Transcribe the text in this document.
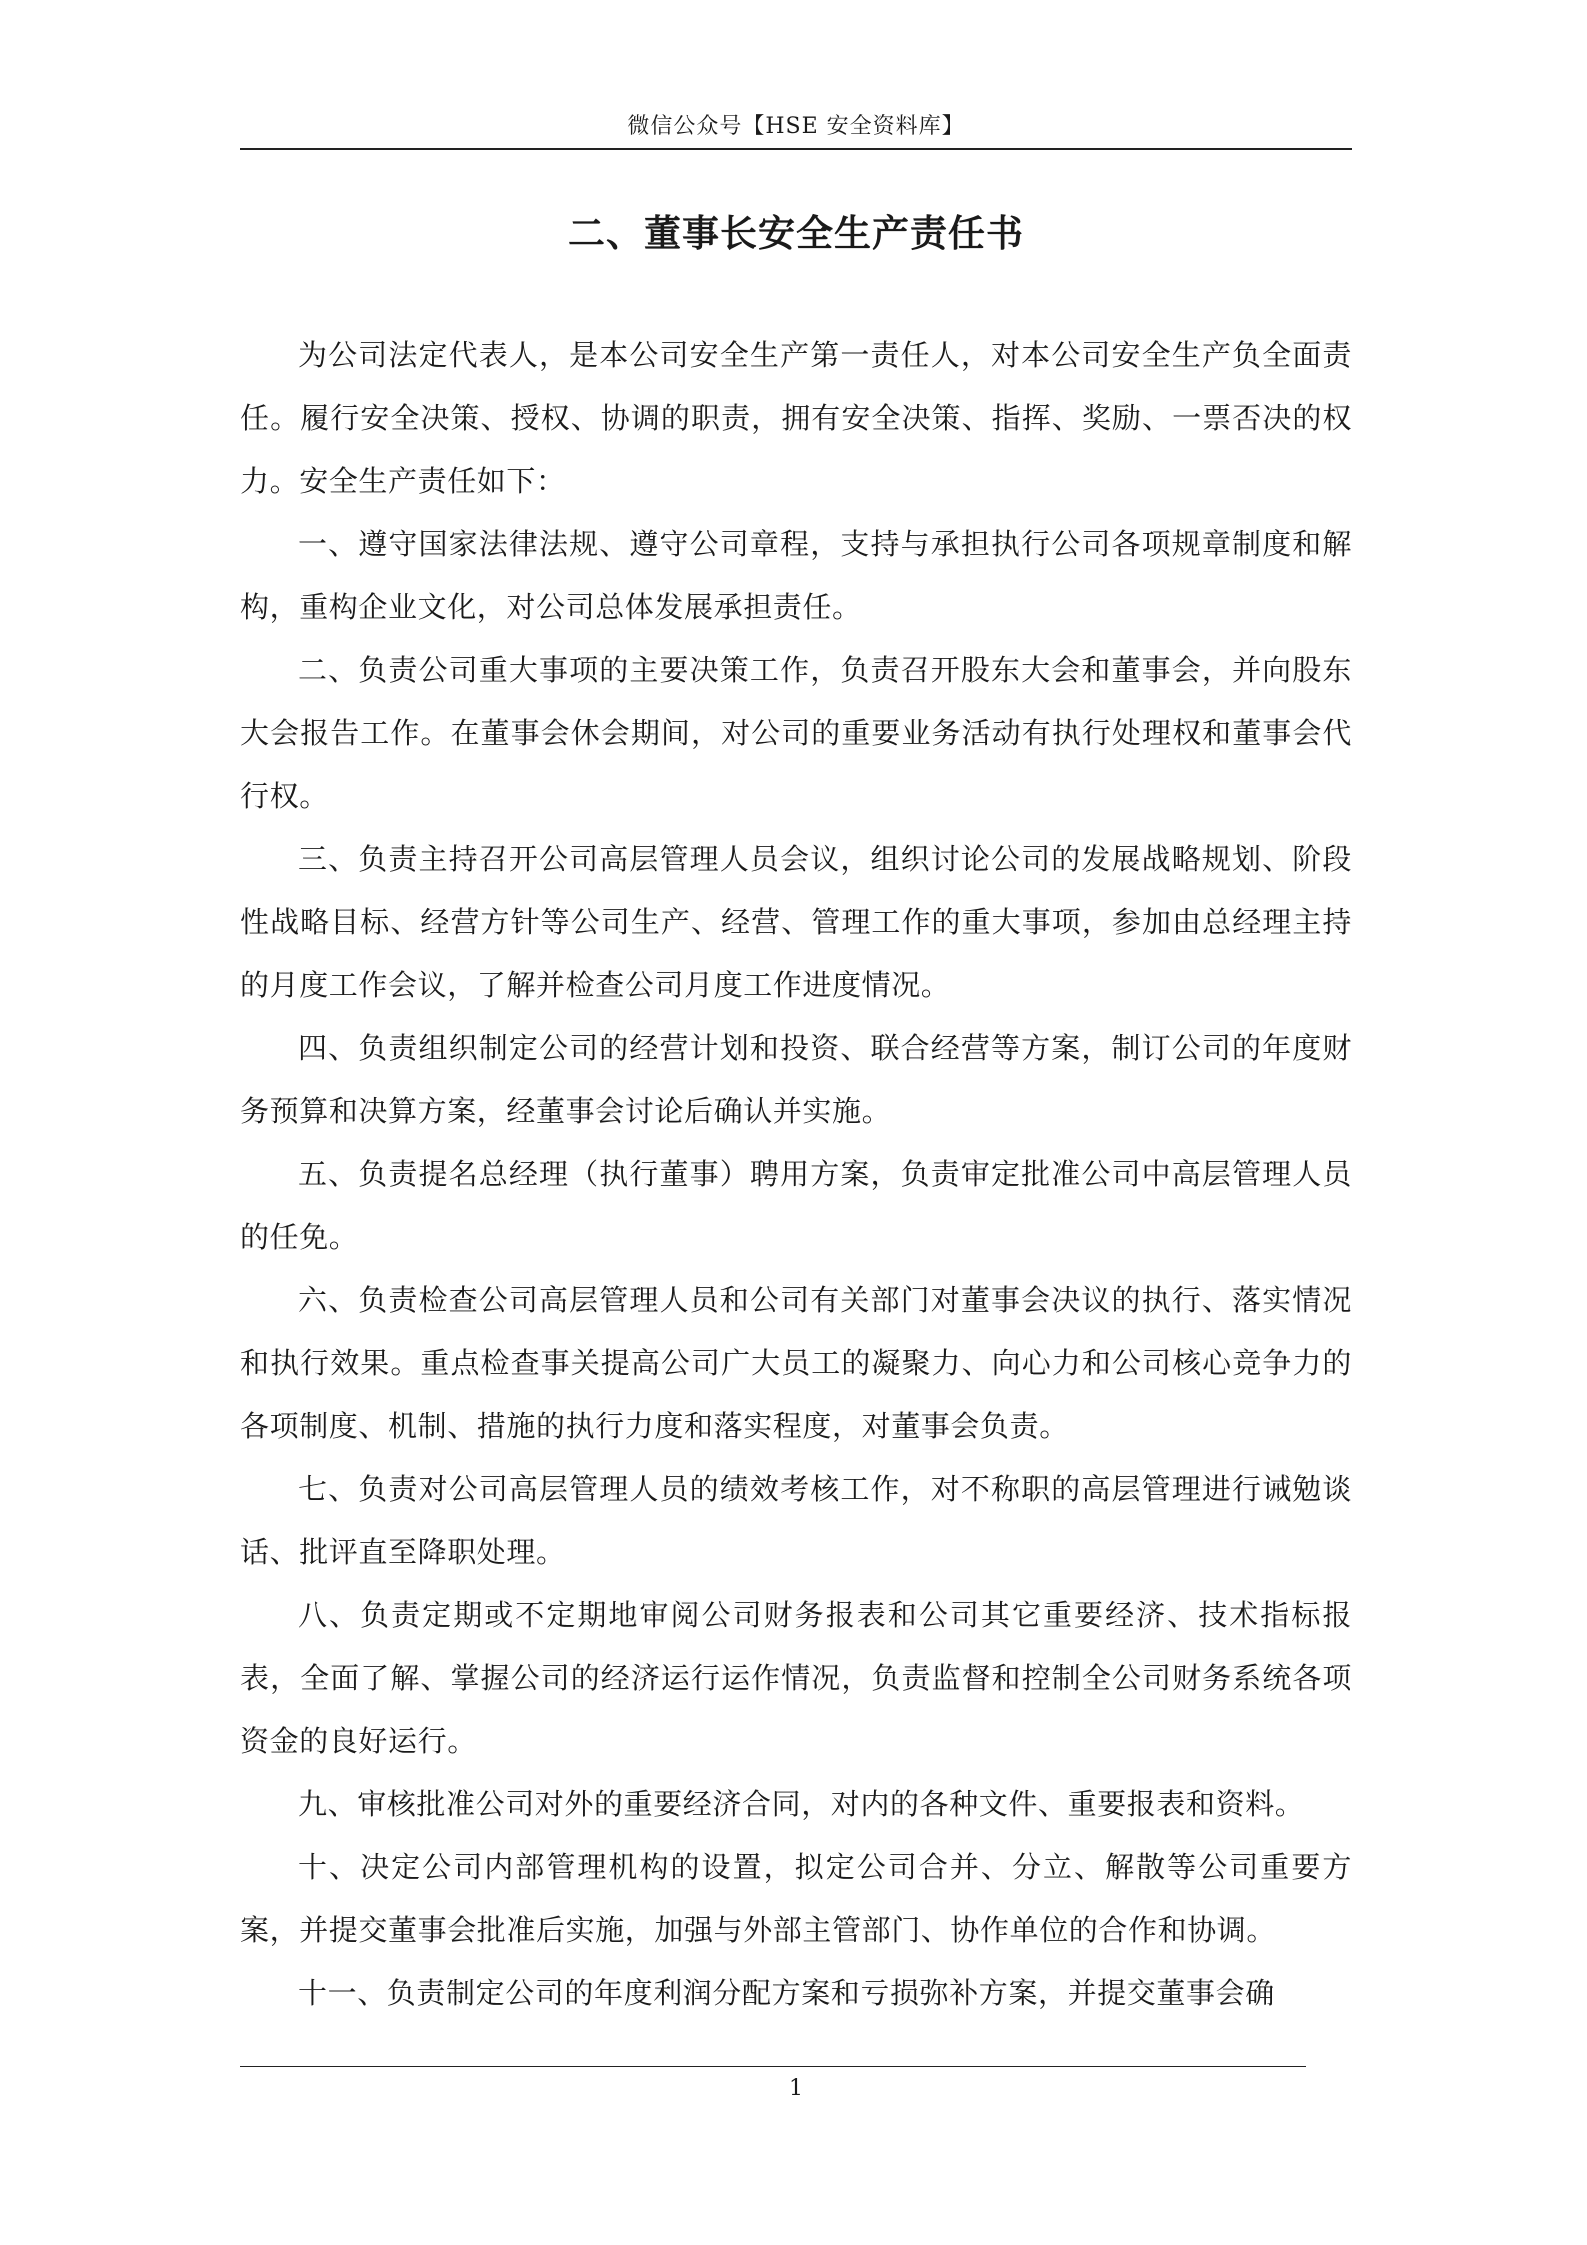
微信公众号【HSE 安全资料库】
二、董事长安全生产责任书

为公司法定代表人，是本公司安全生产第一责任人，对本公司安全生产负全面责任。履行安全决策、授权、协调的职责，拥有安全决策、指挥、奖励、一票否决的权力。安全生产责任如下：

一、遵守国家法律法规、遵守公司章程，支持与承担执行公司各项规章制度和解构，重构企业文化，对公司总体发展承担责任。

二、负责公司重大事项的主要决策工作，负责召开股东大会和董事会，并向股东大会报告工作。在董事会休会期间，对公司的重要业务活动有执行处理权和董事会代行权。

三、负责主持召开公司高层管理人员会议，组织讨论公司的发展战略规划、阶段性战略目标、经营方针等公司生产、经营、管理工作的重大事项，参加由总经理主持的月度工作会议，了解并检查公司月度工作进度情况。

四、负责组织制定公司的经营计划和投资、联合经营等方案，制订公司的年度财务预算和决算方案，经董事会讨论后确认并实施。

五、负责提名总经理（执行董事）聘用方案，负责审定批准公司中高层管理人员的任免。

六、负责检查公司高层管理人员和公司有关部门对董事会决议的执行、落实情况和执行效果。重点检查事关提高公司广大员工的凝聚力、向心力和公司核心竞争力的各项制度、机制、措施的执行力度和落实程度，对董事会负责。

七、负责对公司高层管理人员的绩效考核工作，对不称职的高层管理进行诫勉谈话、批评直至降职处理。

八、负责定期或不定期地审阅公司财务报表和公司其它重要经济、技术指标报表，全面了解、掌握公司的经济运行运作情况，负责监督和控制全公司财务系统各项资金的良好运行。

九、审核批准公司对外的重要经济合同，对内的各种文件、重要报表和资料。

十、决定公司内部管理机构的设置，拟定公司合并、分立、解散等公司重要方案，并提交董事会批准后实施，加强与外部主管部门、协作单位的合作和协调。

十一、负责制定公司的年度利润分配方案和亏损弥补方案，并提交董事会确

1
